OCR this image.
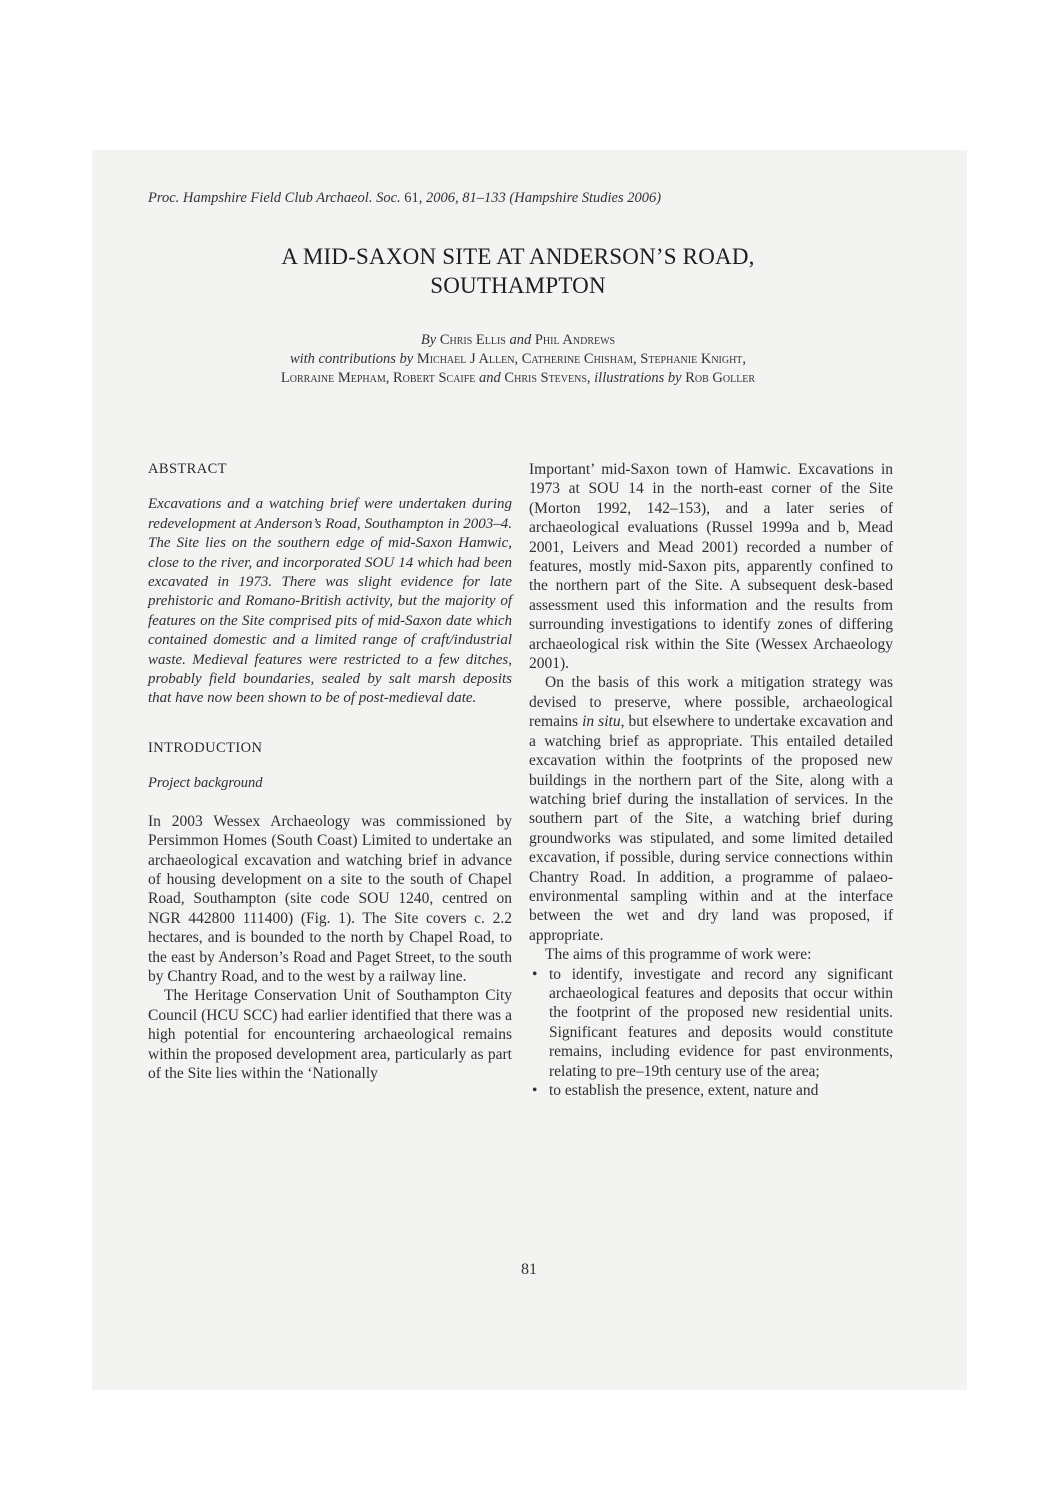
Proc. Hampshire Field Club Archaeol. Soc. 61, 2006, 81–133 (Hampshire Studies 2006)
A MID-SAXON SITE AT ANDERSON’S ROAD,
SOUTHAMPTON
By Chris Ellis and Phil Andrews
with contributions by Michael J Allen, Catherine Chisham, Stephanie Knight,
Lorraine Mepham, Robert Scaife and Chris Stevens, illustrations by Rob Goller
ABSTRACT

Excavations and a watching brief were undertaken during redevelopment at Anderson’s Road, Southampton in 2003–4. The Site lies on the southern edge of mid-Saxon Hamwic, close to the river, and incorporated SOU 14 which had been excavated in 1973. There was slight evidence for late prehistoric and Romano-British activity, but the majority of features on the Site comprised pits of mid-Saxon date which contained domestic and a limited range of craft/industrial waste. Medieval features were restricted to a few ditches, probably field boundaries, sealed by salt marsh deposits that have now been shown to be of post-medieval date.

INTRODUCTION
Project background

In 2003 Wessex Archaeology was commissioned by Persimmon Homes (South Coast) Limited to undertake an archaeological excavation and watching brief in advance of housing development on a site to the south of Chapel Road, Southampton (site code SOU 1240, centred on NGR 442800 111400) (Fig. 1). The Site covers c. 2.2 hectares, and is bounded to the north by Chapel Road, to the east by Anderson’s Road and Paget Street, to the south by Chantry Road, and to the west by a railway line.

The Heritage Conservation Unit of Southampton City Council (HCU SCC) had earlier identified that there was a high potential for encountering archaeological remains within the proposed development area, particularly as part of the Site lies within the ‘Nationally

Important’ mid-Saxon town of Hamwic. Excavations in 1973 at SOU 14 in the north-east corner of the Site (Morton 1992, 142–153), and a later series of archaeological evaluations (Russel 1999a and b, Mead 2001, Leivers and Mead 2001) recorded a number of features, mostly mid-Saxon pits, apparently confined to the northern part of the Site. A subsequent desk-based assessment used this information and the results from surrounding investigations to identify zones of differing archaeological risk within the Site (Wessex Archaeology 2001).

On the basis of this work a mitigation strategy was devised to preserve, where possible, archaeological remains in situ, but elsewhere to undertake excavation and a watching brief as appropriate. This entailed detailed excavation within the footprints of the proposed new buildings in the northern part of the Site, along with a watching brief during the installation of services. In the southern part of the Site, a watching brief during groundworks was stipulated, and some limited detailed excavation, if possible, during service connections within Chantry Road. In addition, a programme of palaeo-environmental sampling within and at the interface between the wet and dry land was proposed, if appropriate.

The aims of this programme of work were:

• to identify, investigate and record any significant archaeological features and deposits that occur within the footprint of the proposed new residential units. Significant features and deposits would constitute remains, including evidence for past environments, relating to pre–19th century use of the area;
• to establish the presence, extent, nature and
81
